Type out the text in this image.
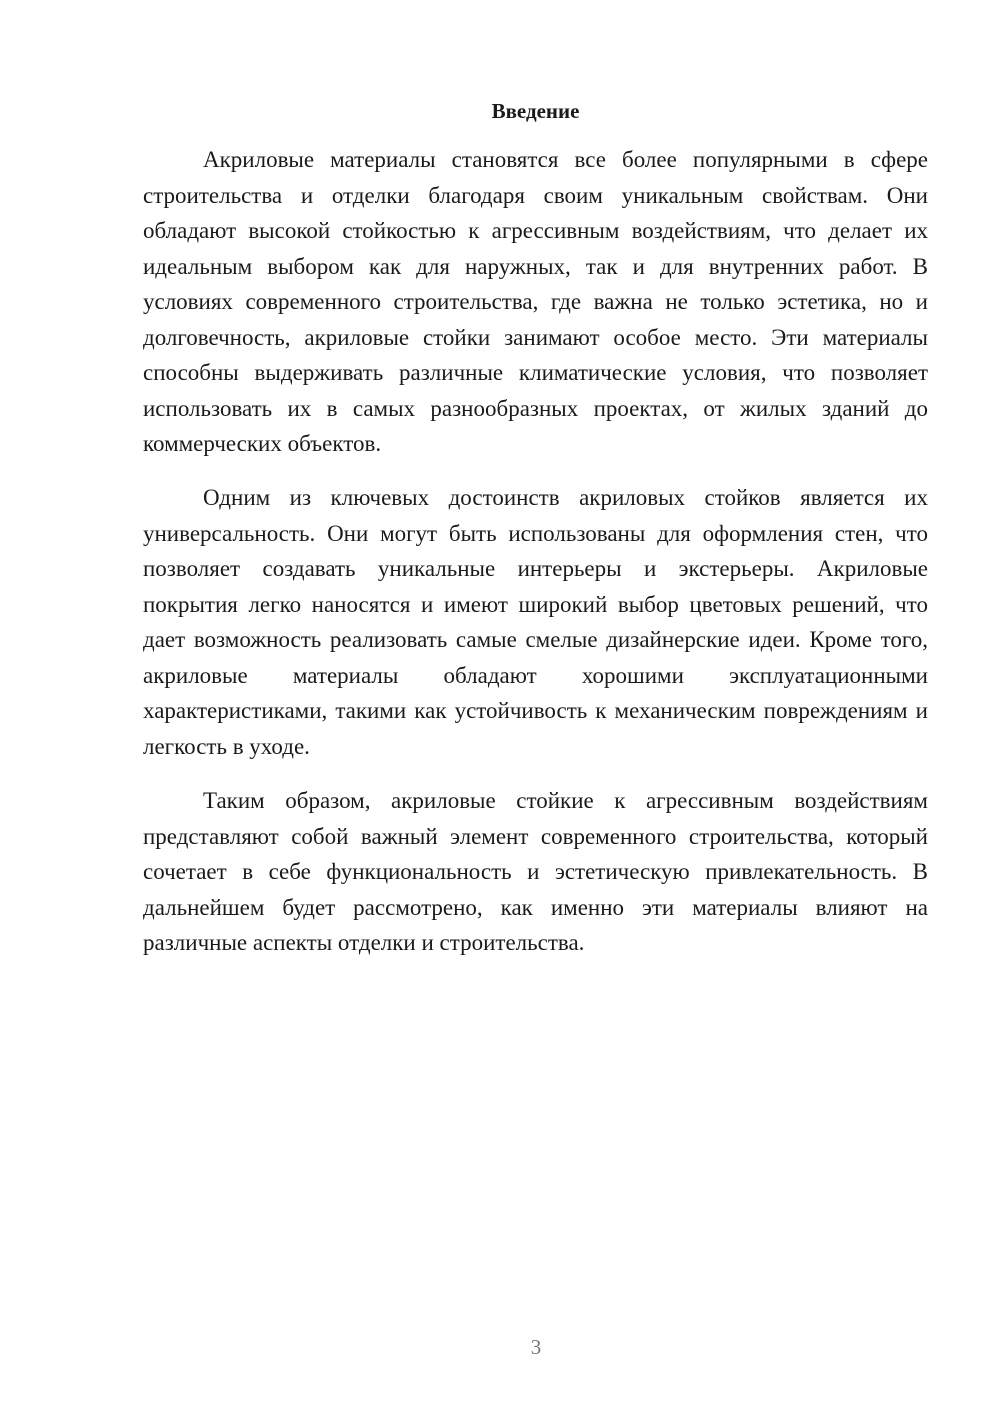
Введение

Акриловые материалы становятся все более популярными в сфере строительства и отделки благодаря своим уникальным свойствам. Они обладают высокой стойкостью к агрессивным воздействиям, что делает их идеальным выбором как для наружных, так и для внутренних работ. В условиях современного строительства, где важна не только эстетика, но и долговечность, акриловые стойки занимают особое место. Эти материалы способны выдерживать различные климатические условия, что позволяет использовать их в самых разнообразных проектах, от жилых зданий до коммерческих объектов.

Одним из ключевых достоинств акриловых стойков является их универсальность. Они могут быть использованы для оформления стен, что позволяет создавать уникальные интерьеры и экстерьеры. Акриловые покрытия легко наносятся и имеют широкий выбор цветовых решений, что дает возможность реализовать самые смелые дизайнерские идеи. Кроме того, акриловые материалы обладают хорошими эксплуатационными характеристиками, такими как устойчивость к механическим повреждениям и легкость в уходе.

Таким образом, акриловые стойкие к агрессивным воздействиям представляют собой важный элемент современного строительства, который сочетает в себе функциональность и эстетическую привлекательность. В дальнейшем будет рассмотрено, как именно эти материалы влияют на различные аспекты отделки и строительства.

3
